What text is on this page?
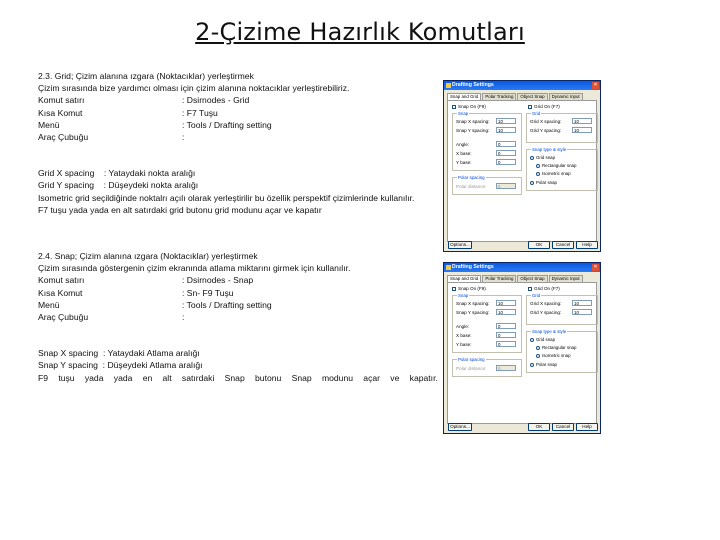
2-Çizime Hazırlık Komutları
2.3. Grid; Çizim alanına ızgara (Noktacıklar) yerleştirmek
Çizim sırasında bize yardımcı olması için çizim alanına noktacıklar yerleştirebiliriz.
Komut satırı	: Dsirnodes - Grid
Kısa Komut	: F7 Tuşu
Menü	: Tools / Drafting setting
Araç Çubuğu	:
Grid X spacing    : Yataydaki nokta aralığı
Grid Y spacing    : Düşeydeki nokta aralığı
Isometric grid seçildiğinde noktalrı açılı olarak yerleştirilir bu özellik perspektif çizimlerinde kullanılır.
F7 tuşu yada yada en alt satırdaki grid butonu grid modunu açar ve kapatır
2.4. Snap; Çizim alanına ızgara (Noktacıklar) yerleştirmek
Çizim sırasında göstergenin çizim ekranında atlama miktarını girmek için kullanılır.
Komut satırı	: Dsirnodes - Snap
Kısa Komut	: Sn- F9 Tuşu
Menü	: Tools / Drafting setting
Araç Çubuğu	:
Snap X spacing  : Yataydaki Atlama aralığı
Snap Y spacing  : Düşeydeki Atlama aralığı
F9 tuşu yada yada en alt satırdaki Snap butonu Snap modunu açar ve kapatır.
Drafting Settings	×
Snap and Grid	Polar Tracking	Object Snap	Dynamic Input
Snap On (F9)	Grid On (F7)
Snap
Snap X spacing:	10
Snap Y spacing:	10
Angle:	0
X base:	0
Y base:	0
Grid
Grid X spacing:	10
Grid Y spacing:	10
Snap type & style
Grid snap
Rectangular snap
Isometric snap
Polar snap
Polar spacing
Polar distance:	0
Options...	OK	Cancel	Help
Drafting Settings	×
Snap and Grid	Polar Tracking	Object Snap	Dynamic Input
Snap On (F9)	Grid On (F7)
Snap
Snap X spacing:	10
Snap Y spacing:	10
Angle:	0
X base:	0
Y base:	0
Grid
Grid X spacing:	10
Grid Y spacing:	10
Snap type & style
Grid snap
Rectangular snap
Isometric snap
Polar snap
Polar spacing
Polar distance:	0
Options...	OK	Cancel	Help
